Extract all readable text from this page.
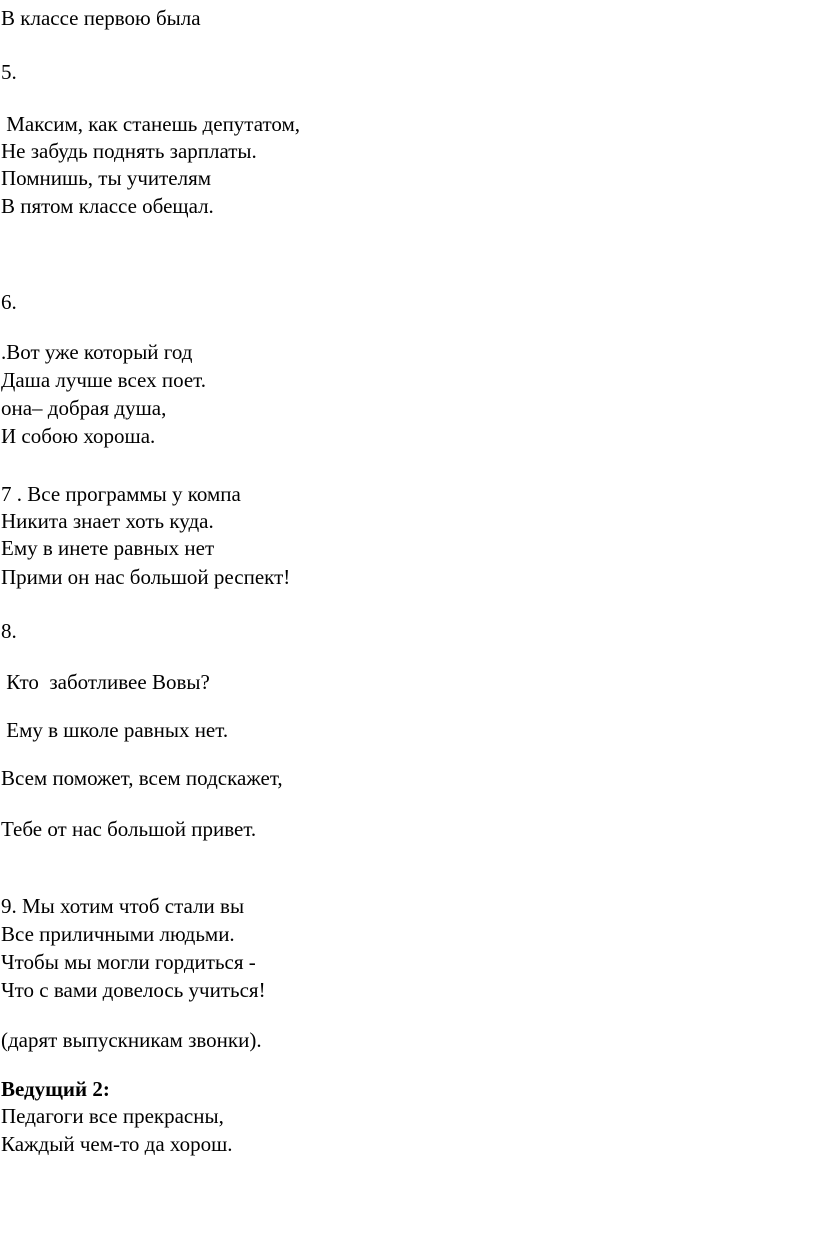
В классе первою была
5.
Максим, как станешь депутатом,
Не забудь поднять зарплаты.
Помнишь, ты учителям
В пятом классе обещал.
6.
.Вот уже который год
Даша лучше всех поет.
она– добрая душа,
И собою хороша.
7 . Все программы у компа
Никита знает хоть куда.
Ему в инете равных нет
Прими он нас большой респект!
8.
Кто  заботливее Вовы?
Ему в школе равных нет.
Всем поможет, всем подскажет,
Тебе от нас большой привет.
9. Мы хотим чтоб стали вы
Все приличными людьми.
Чтобы мы могли гордиться -
Что с вами довелось учиться!
(дарят выпускникам звонки).
Ведущий 2:
Педагоги все прекрасны,
Каждый чем-то да хорош.
